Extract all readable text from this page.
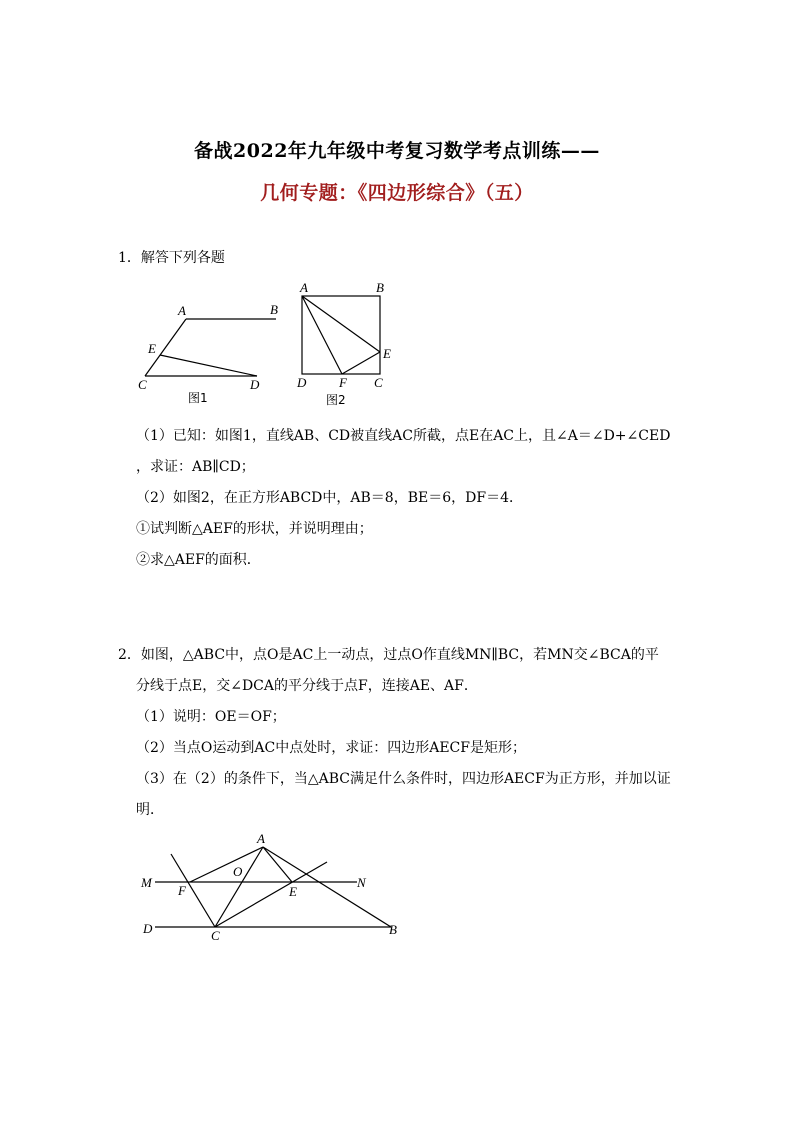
备战2022年九年级中考复习数学考点训练——
几何专题：《四边形综合》（五）
1．解答下列各题
A	B
E
C	D
图1
A	B
E
D	F C
图2
（1）已知：如图1，直线AB、CD被直线AC所截，点E在AC上，且∠A＝∠D+∠CED
，求证：AB∥CD；
（2）如图2，在正方形ABCD中，AB＝8，BE＝6，DF＝4．
①试判断△AEF的形状，并说明理由；
②求△AEF的面积．
2．如图，△ABC中，点O是AC上一动点，过点O作直线MN∥BC，若MN交∠BCA的平
分线于点E，交∠DCA的平分线于点F，连接AE、AF．
（1）说明：OE＝OF；
（2）当点O运动到AC中点处时，求证：四边形AECF是矩形；
（3）在（2）的条件下，当△ABC满足什么条件时，四边形AECF为正方形，并加以证
明．
A
O
M	N
F	E
D	C	B
